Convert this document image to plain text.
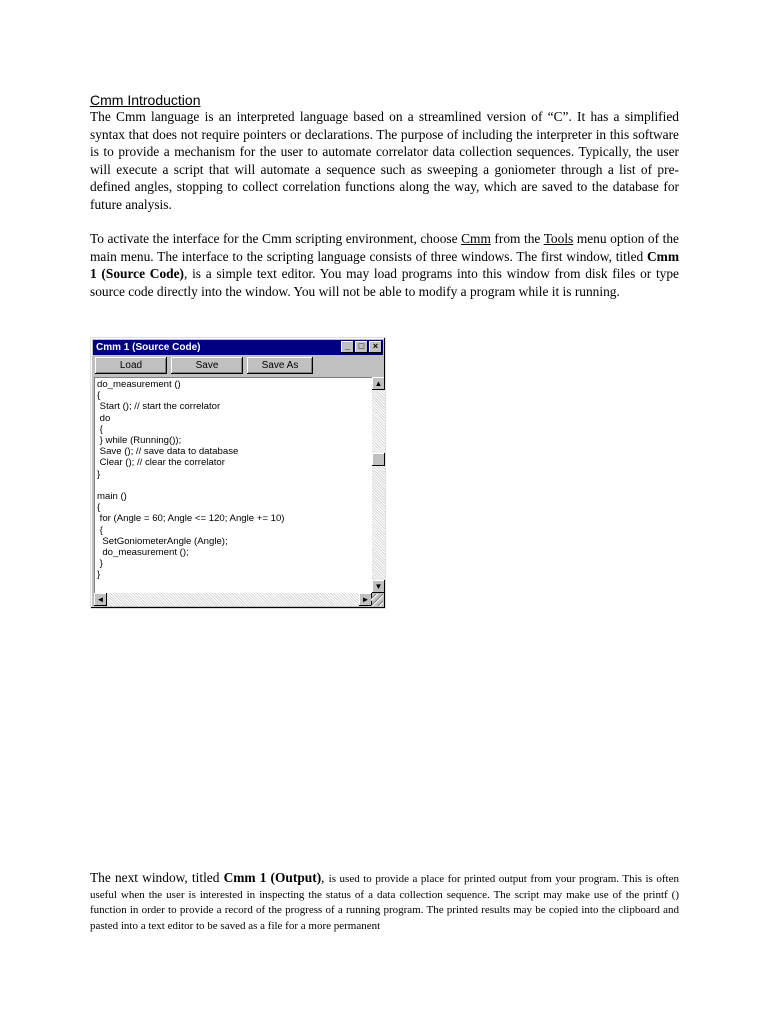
Cmm Introduction

The Cmm language is an interpreted language based on a streamlined version of “C”. It has a simplified syntax that does not require pointers or declarations. The purpose of including the interpreter in this software is to provide a mechanism for the user to automate correlator data collection sequences. Typically, the user will execute a script that will automate a sequence such as sweeping a goniometer through a list of pre-defined angles, stopping to collect correlation functions along the way, which are saved to the database for future analysis.

To activate the interface for the Cmm scripting environment, choose Cmm from the Tools menu option of the main menu. The interface to the scripting language consists of three windows. The first window, titled Cmm 1 (Source Code), is a simple text editor. You may load programs into this window from disk files or type source code directly into the window. You will not be able to modify a program while it is running.

Cmm 1 (Source Code)	_ □ ×
Load	Save	Save As
do_measurement ()
{
Start (); // start the correlator
do
{
} while (Running());
Save (); // save data to database
Clear (); // clear the correlator
}

main ()
{
for (Angle = 60; Angle <= 120; Angle += 10)
{
SetGoniometerAngle (Angle);
do_measurement ();
}
}
▲
▼
◄	►

The next window, titled Cmm 1 (Output), is used to provide a place for printed output from your program. This is often useful when the user is interested in inspecting the status of a data collection sequence. The script may make use of the printf () function in order to provide a record of the progress of a running program. The printed results may be copied into the clipboard and pasted into a text editor to be saved as a file for a more permanent
